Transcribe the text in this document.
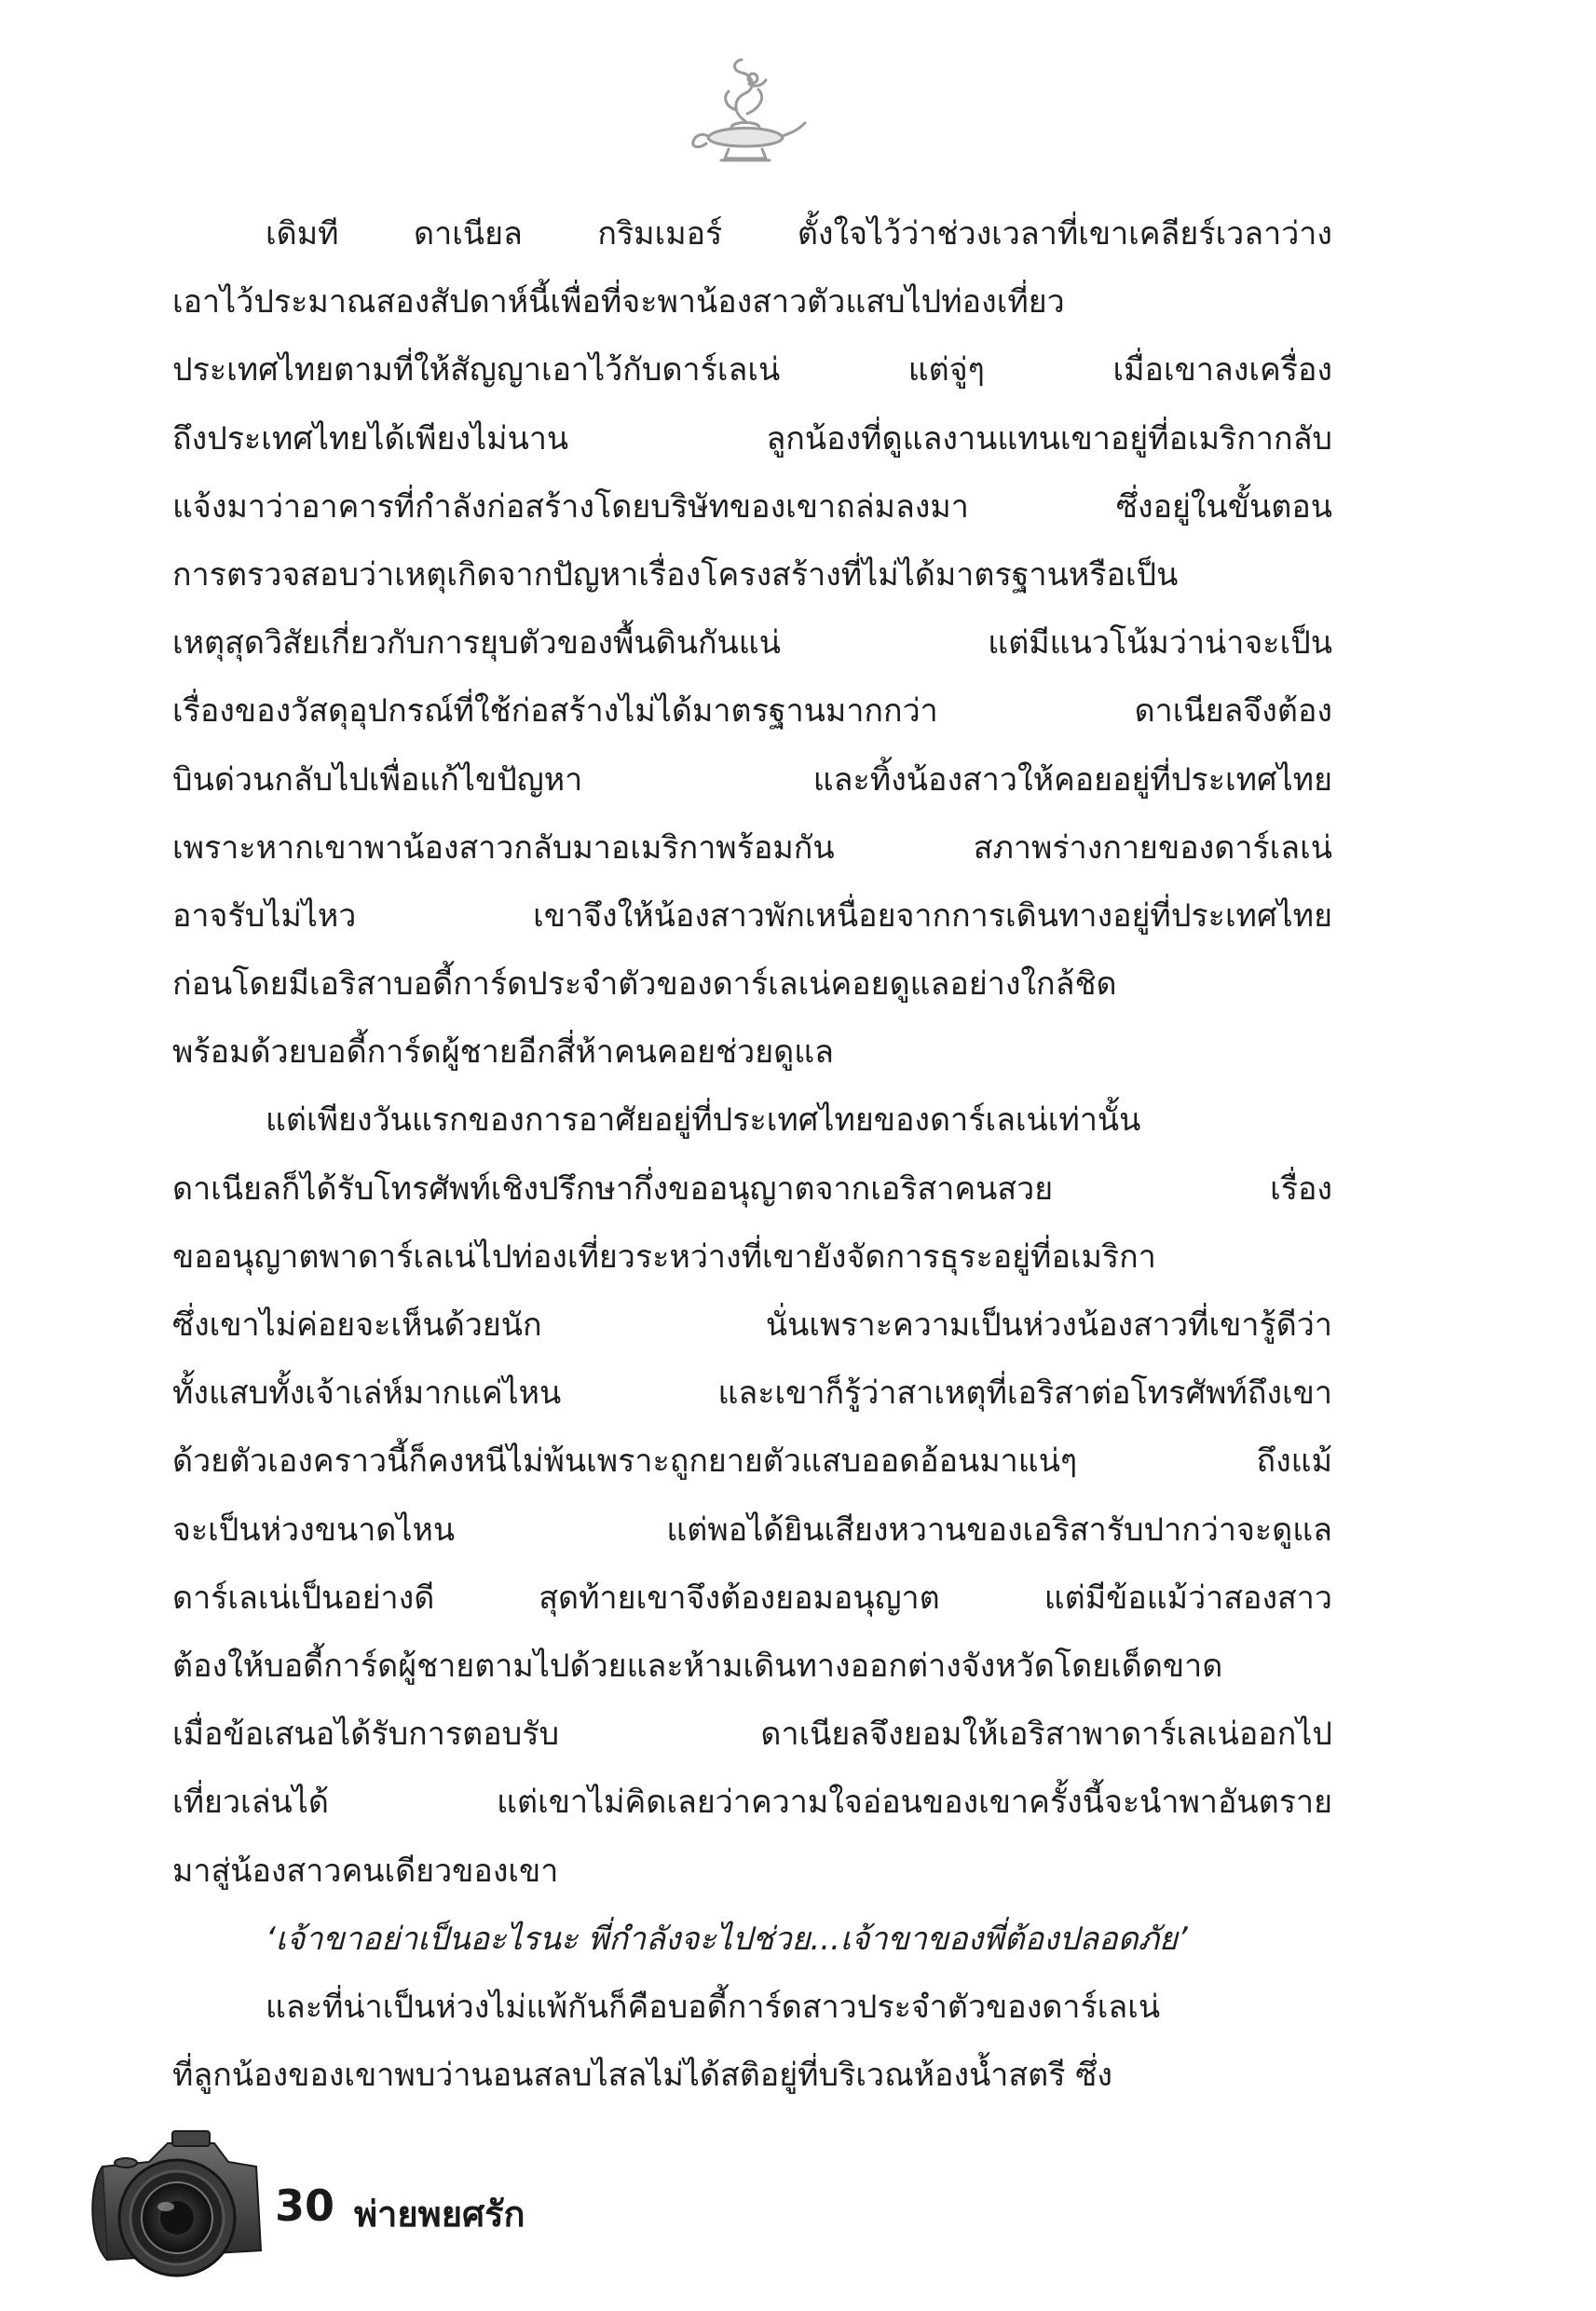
เดิมที ดาเนียล กริมเมอร์ ตั้งใจไว้ว่าช่วงเวลาที่เขาเคลียร์เวลาว่าง
เอาไว้ประมาณสองสัปดาห์นี้เพื่อที่จะพาน้องสาวตัวแสบไปท่องเที่ยว
ประเทศไทยตามที่ให้สัญญาเอาไว้กับดาร์เลเน่ แต่จู่ๆ เมื่อเขาลงเครื่อง
ถึงประเทศไทยได้เพียงไม่นาน ลูกน้องที่ดูแลงานแทนเขาอยู่ที่อเมริกากลับ
แจ้งมาว่าอาคารที่กำลังก่อสร้างโดยบริษัทของเขาถล่มลงมา ซึ่งอยู่ในขั้นตอน
การตรวจสอบว่าเหตุเกิดจากปัญหาเรื่องโครงสร้างที่ไม่ได้มาตรฐานหรือเป็น
เหตุสุดวิสัยเกี่ยวกับการยุบตัวของพื้นดินกันแน่ แต่มีแนวโน้มว่าน่าจะเป็น
เรื่องของวัสดุอุปกรณ์ที่ใช้ก่อสร้างไม่ได้มาตรฐานมากกว่า ดาเนียลจึงต้อง
บินด่วนกลับไปเพื่อแก้ไขปัญหา และทิ้งน้องสาวให้คอยอยู่ที่ประเทศไทย
เพราะหากเขาพาน้องสาวกลับมาอเมริกาพร้อมกัน สภาพร่างกายของดาร์เลเน่
อาจรับไม่ไหว เขาจึงให้น้องสาวพักเหนื่อยจากการเดินทางอยู่ที่ประเทศไทย
ก่อนโดยมีเอริสาบอดี้การ์ดประจำตัวของดาร์เลเน่คอยดูแลอย่างใกล้ชิด
พร้อมด้วยบอดี้การ์ดผู้ชายอีกสี่ห้าคนคอยช่วยดูแล
แต่เพียงวันแรกของการอาศัยอยู่ที่ประเทศไทยของดาร์เลเน่เท่านั้น
ดาเนียลก็ได้รับโทรศัพท์เชิงปรึกษากึ่งขออนุญาตจากเอริสาคนสวย เรื่อง
ขออนุญาตพาดาร์เลเน่ไปท่องเที่ยวระหว่างที่เขายังจัดการธุระอยู่ที่อเมริกา
ซึ่งเขาไม่ค่อยจะเห็นด้วยนัก นั่นเพราะความเป็นห่วงน้องสาวที่เขารู้ดีว่า
ทั้งแสบทั้งเจ้าเล่ห์มากแค่ไหน และเขาก็รู้ว่าสาเหตุที่เอริสาต่อโทรศัพท์ถึงเขา
ด้วยตัวเองคราวนี้ก็คงหนีไม่พ้นเพราะถูกยายตัวแสบออดอ้อนมาแน่ๆ ถึงแม้
จะเป็นห่วงขนาดไหน แต่พอได้ยินเสียงหวานของเอริสารับปากว่าจะดูแล
ดาร์เลเน่เป็นอย่างดี สุดท้ายเขาจึงต้องยอมอนุญาต แต่มีข้อแม้ว่าสองสาว
ต้องให้บอดี้การ์ดผู้ชายตามไปด้วยและห้ามเดินทางออกต่างจังหวัดโดยเด็ดขาด
เมื่อข้อเสนอได้รับการตอบรับ ดาเนียลจึงยอมให้เอริสาพาดาร์เลเน่ออกไป
เที่ยวเล่นได้ แต่เขาไม่คิดเลยว่าความใจอ่อนของเขาครั้งนี้จะนำพาอันตราย
มาสู่น้องสาวคนเดียวของเขา
‘เจ้าขาอย่าเป็นอะไรนะ พี่กำลังจะไปช่วย...เจ้าขาของพี่ต้องปลอดภัย’
และที่น่าเป็นห่วงไม่แพ้กันก็คือบอดี้การ์ดสาวประจำตัวของดาร์เลเน่
ที่ลูกน้องของเขาพบว่านอนสลบไสลไม่ได้สติอยู่ที่บริเวณห้องน้ำสตรี ซึ่ง
30 พ่ายพยศรัก
